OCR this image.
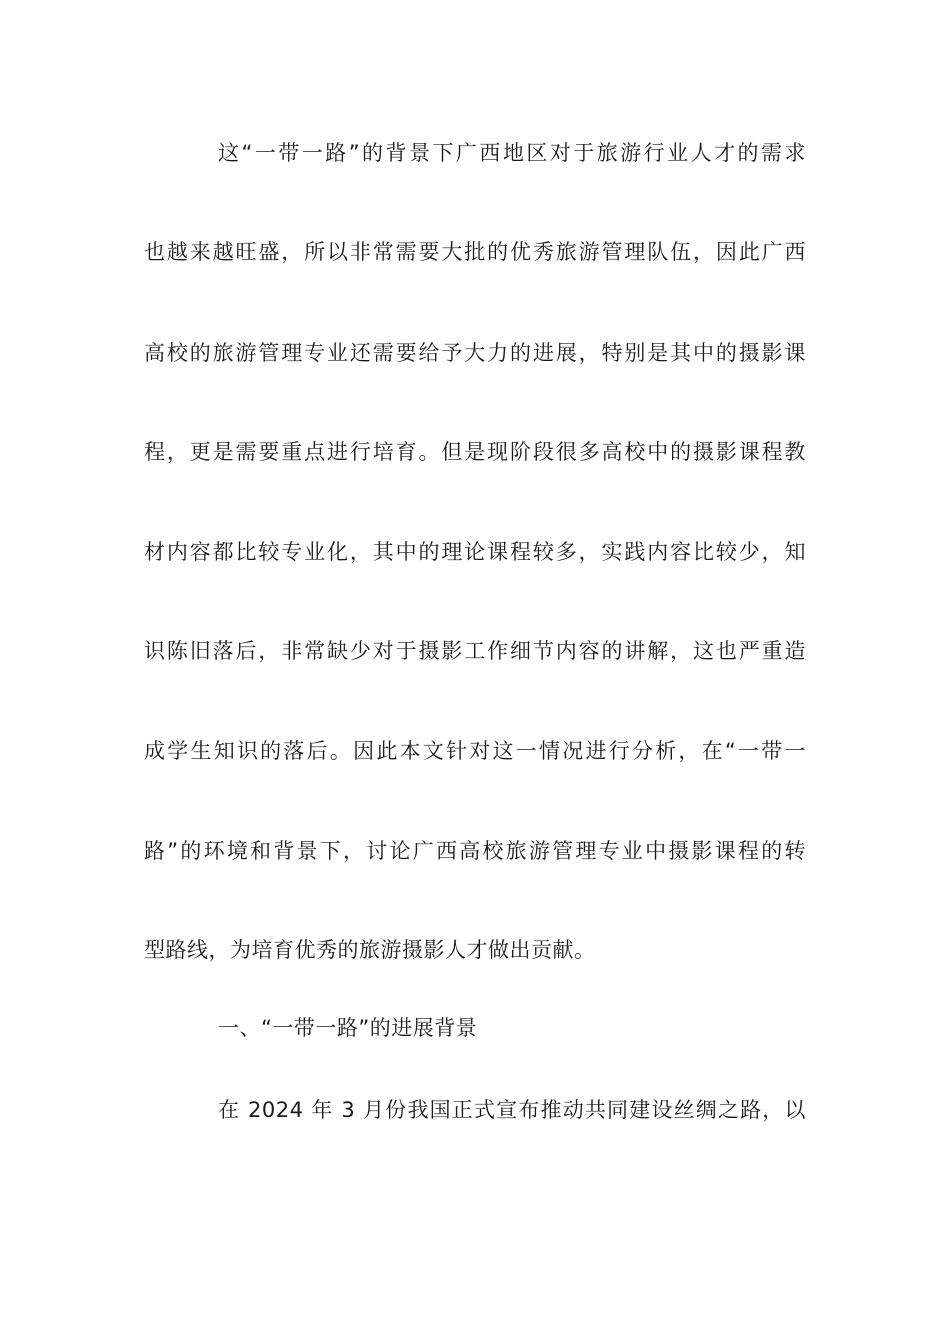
这“一带一路”的背景下广西地区对于旅游行业人才的需求
也越来越旺盛，所以非常需要大批的优秀旅游管理队伍，因此广西
高校的旅游管理专业还需要给予大力的进展，特别是其中的摄影课
程，更是需要重点进行培育。但是现阶段很多高校中的摄影课程教
材内容都比较专业化，其中的理论课程较多，实践内容比较少，知
识陈旧落后，非常缺少对于摄影工作细节内容的讲解，这也严重造
成学生知识的落后。因此本文针对这一情况进行分析，在“一带一
路”的环境和背景下，讨论广西高校旅游管理专业中摄影课程的转
型路线，为培育优秀的旅游摄影人才做出贡献。
一、“一带一路”的进展背景
在 2024 年 3 月份我国正式宣布推动共同建设丝绸之路，以
